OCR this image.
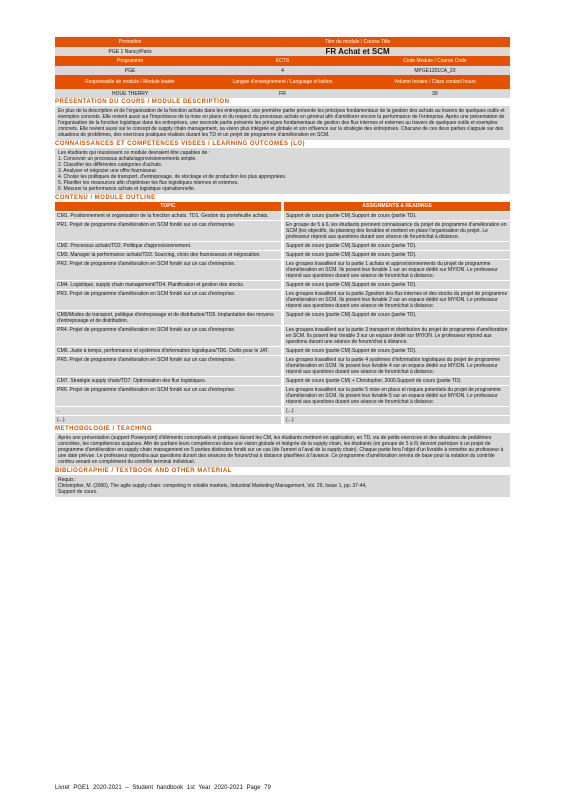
Promotion	Titre du module / Course Title	
PGE 1 Nancy/Paris	FR Achat et SCM	
Programme	ECTS	Code Module / Course Code
PGE	4	MPGE1201CA_20
Responsable de module / Module leader	Langue d'enseignement / Language of tuition	Volume horaire / Class contact hours
HOUE THERRY	FR	30
PRÉSENTATION DU COURS / MODULE DESCRIPTION
En plus de la description et de l'organisation de la fonction achats dans les entreprises, une première partie présente les principes fondamentaux de la gestion des achats au travers de quelques outils et exemples concrets. Elle revient aussi sur l'importance de la mise en place et du respect du processus achats en général afin d'améliorer encore la performance de l'entreprise. Après une présentation de l'organisation de la fonction logistique dans les entreprises, une seconde partie présente les principes fondamentaux de gestion des flux internes et externes au travers de quelques outils et exemples concrets. Elle revient aussi sur le concept de supply chain management, sa vision plus intégrée et globale et son influence sur la stratégie des entreprises. Chacune de ces deux parties s'appuie sur des situations de problèmes, des exercices pratiques réalisés durant les TD et un projet de programme d'amélioration en SCM.
CONNAISSANCES ET COMPETENCES VISEES / LEARNING OUTCOMES (LO)

Les étudiants qui réussissent ce module devraient être capables de :

1. Concevoir un processus achats/approvisionnements simple.
2. Classifier les différentes catégories d'achats.
3. Analyser et négocier une offre fournisseur.
4. Choisir les politiques de transport, d'entreposage, de stockage et de production les plus appropriées.
5. Planifier les ressources afin d'optimiser les flux logistiques internes et externes.
6. Mesurer la performance achats et logistique opérationnelle.
CONTENU / MODULE OUTLINE
TOPIC	ASSIGNMENTS & READINGS
CM1. Positionnement et organisation de la fonction achats. TD1. Gestion du portefeuille achats.	Support de cours (partie CM).Support de cours (partie TD).
PR1. Projet de programme d'amélioration en SCM fondé sur un cas d'entreprise.	En groupe de 5 à 6, les étudiants prennent connaissance du projet de programme d'amélioration en SCM (les objectifs, du planning des livrables et mettent en place l'organisation du projet. Le professeur répond aux questions durant une séance de forum/chat à distance.
CM2. Processus achats/TD2. Politique d'approvisionnement.	Support de cours (partie CM).Support de cours (partie TD).
CM3. Manager la performance achats/TD3. Sourcing, choix des fournisseurs et négociation.	Support de cours (partie CM).Support de cours (partie TD).
PR2. Projet de programme d'amélioration en SCM fondé sur un cas d'entreprise.	Les groupes travaillent sur la partie 1 achats et approvisionnements du projet de programme d'amélioration en SCM. Ils posent leur livrable 1 sur un espace dédié sur MYION. Le professeur répond aux questions durant une séance de forum/chat à distance.
CM4. Logistique, supply chain management/TD4. Planification et gestion des stocks.	Support de cours (partie CM).Support de cours (partie TD).
PR3. Projet de programme d'amélioration en SCM fondé sur un cas d'entreprise.	Les groupes travaillent sur la partie 2gestion des flux internes et des stocks du projet de programme d'amélioration en SCM. Ils posent leur livrable 2 sur un espace dédié sur MYION. Le professeur répond aux questions durant une séance de forum/chat à distance.
CM5/Modes de transport, politique d'entreposage et de distribution/TD5. Implantation des moyens d'entreposage et de distribution.	Support de cours (partie CM).Support de cours (partie TD).
PR4. Projet de programme d'amélioration en SCM fondé sur un cas d'entreprise.	Les groupes travaillent sur la partie 3 transport et distribution du projet de programme d'amélioration en SCM. Ils posent leur livrable 3 sur un espace dédié sur MYION. Le professeur répond aux questions durant une séance de forum/chat à distance.
CM6. Juste à temps, performance et systèmes d'information logistiques/TD6. Outils pour le JAT.	Support de cours (partie CM).Support de cours (partie TD).
PR5. Projet de programme d'amélioration en SCM fondé sur un cas d'entreprise.	Les groupes travaillent sur la partie 4 systèmes d'information logistiques du projet de programme d'amélioration en SCM. Ils posent leur livrable 4 sur un espace dédié sur MYION. Le professeur répond aux questions durant une séance de forum/chat à distance.
CM7. Stratégie supply chain/TD7. Optimisation des flux logistiques.	Support de cours (partie CM) + Christopher, 2000.Support de cours (partie TD).
PR6. Projet de programme d'amélioration en SCM fondé sur un cas d'entreprise.	Les groupes travaillent sur la partie 5 mise en place et risques potentiels du projet de programme d'amélioration en SCM. Ils posent leur livrable 5 sur un espace dédié sur MYION. Le professeur répond aux questions durant une séance de forum/chat à distance.
..	(...)
(...)	(...)
METHODOLOGIE / TEACHING
Après une présentation (support Powerpoint) d'éléments conceptuels et pratiques durant les CM, les étudiants mettront en application, en TD, via de petits exercices et des situations de problèmes concrètes, les compétences acquises. Afin de parfaire leurs compétences dans une vision globale et intégrée de la supply chain, les étudiants (en groupe de 5 à 6) devront participer à un projet de programme d'amélioration en supply chain management en 5 parties distinctes fondé sur un cas (de l'amont à l'aval de la supply chain). Chaque partie fera l'objet d'un livrable à remettre au professeur à une date prévue. Le professeur répondra aux questions durant des séances de forum/chat à distance planifiées à l'avance. Ce programme d'amélioration servira de base pour la notation du contrôle continu venant en complément du contrôle terminal individuel.
BIBLIOGRAPHIE / TEXTBOOK AND OTHER MATERIAL

Requis :

Christopher, M. (2000), The agile supply chain: competing in volatile markets, Industrial Marketing Management, Vol. 29, Issue 1, pp. 37-44,

Support de cours.

Livret PGE1 2020-2021 – Student handbook 1st Year 2020-2021 Page 79
